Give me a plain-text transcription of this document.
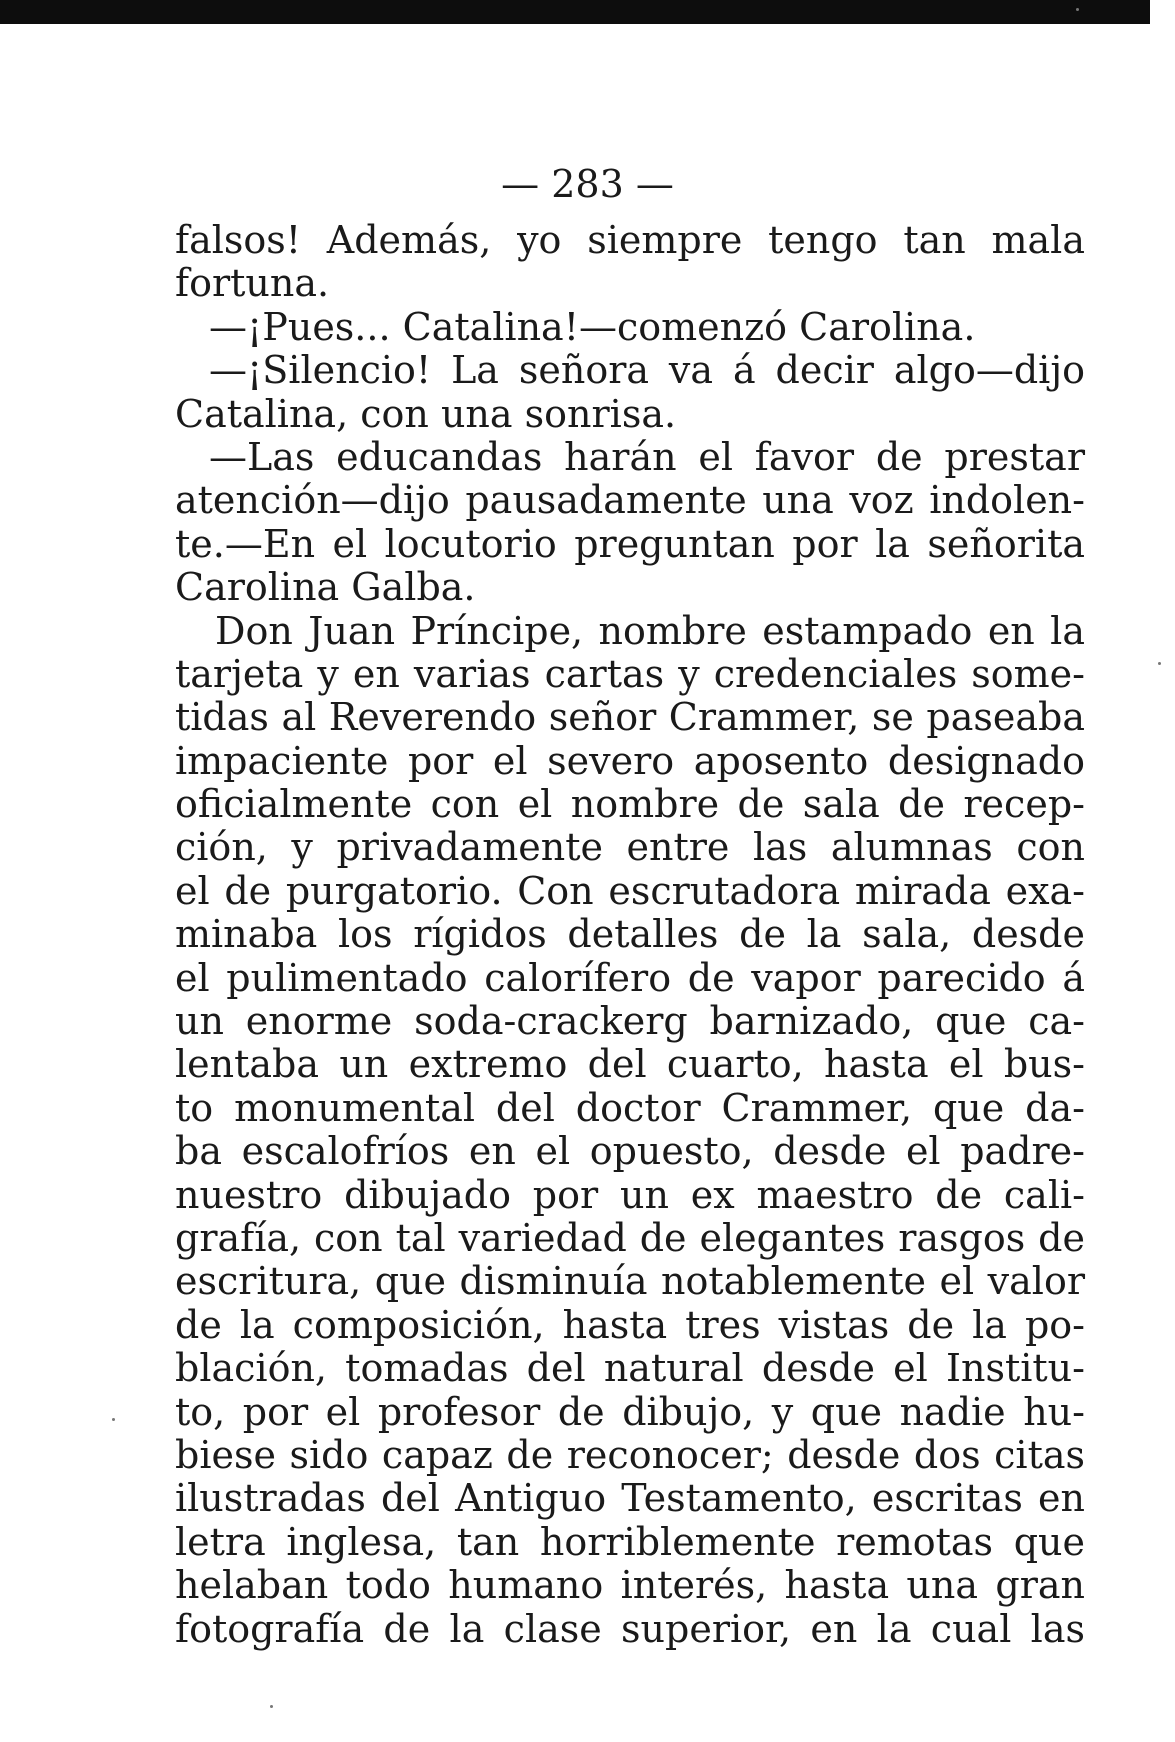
— 283 —
falsos! Además, yo siempre tengo tan mala
fortuna.
—¡Pues... Catalina!—comenzó Carolina.
—¡Silencio! La señora va á decir algo—dijo
Catalina, con una sonrisa.
—Las educandas harán el favor de prestar
atención—dijo pausadamente una voz indolen-
te.—En el locutorio preguntan por la señorita
Carolina Galba.
Don Juan Príncipe, nombre estampado en la
tarjeta y en varias cartas y credenciales some-
tidas al Reverendo señor Crammer, se paseaba
impaciente por el severo aposento designado
oficialmente con el nombre de sala de recep-
ción, y privadamente entre las alumnas con
el de purgatorio. Con escrutadora mirada exa-
minaba los rígidos detalles de la sala, desde
el pulimentado calorífero de vapor parecido á
un enorme soda-crackerg barnizado, que ca-
lentaba un extremo del cuarto, hasta el bus-
to monumental del doctor Crammer, que da-
ba escalofríos en el opuesto, desde el padre-
nuestro dibujado por un ex maestro de cali-
grafía, con tal variedad de elegantes rasgos de
escritura, que disminuía notablemente el valor
de la composición, hasta tres vistas de la po-
blación, tomadas del natural desde el Institu-
to, por el profesor de dibujo, y que nadie hu-
biese sido capaz de reconocer; desde dos citas
ilustradas del Antiguo Testamento, escritas en
letra inglesa, tan horriblemente remotas que
helaban todo humano interés, hasta una gran
fotografía de la clase superior, en la cual las
